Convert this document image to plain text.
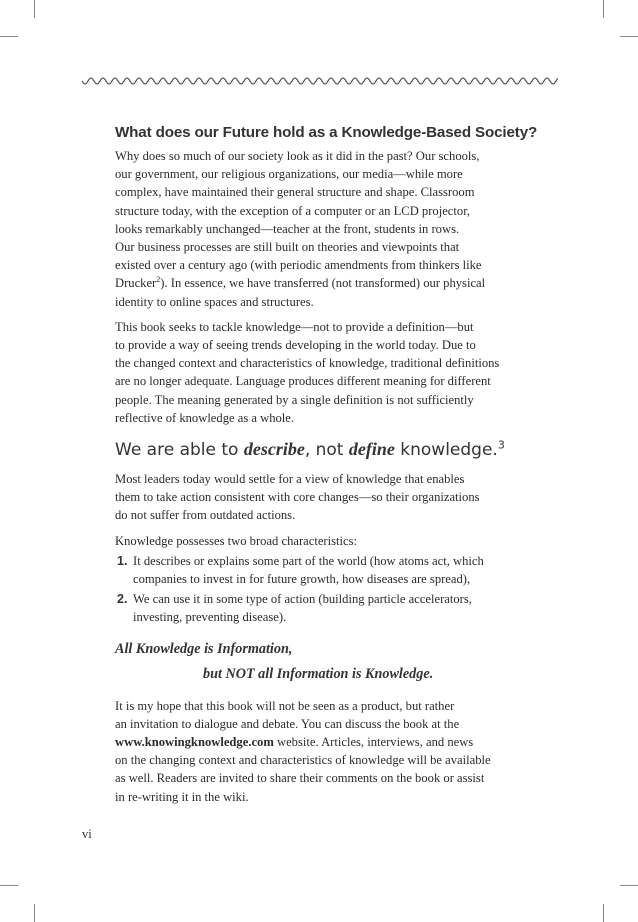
What does our Future hold as a Knowledge-Based Society?

Why does so much of our society look as it did in the past? Our schools,
our government, our religious organizations, our media—while more
complex, have maintained their general structure and shape. Classroom
structure today, with the exception of a computer or an LCD projector,
looks remarkably unchanged—teacher at the front, students in rows.
Our business processes are still built on theories and viewpoints that
existed over a century ago (with periodic amendments from thinkers like
Drucker$^2$). In essence, we have transferred (not transformed) our physical
identity to online spaces and structures.

This book seeks to tackle knowledge—not to provide a definition—but
to provide a way of seeing trends developing in the world today. Due to
the changed context and characteristics of knowledge, traditional definitions
are no longer adequate. Language produces different meaning for different
people. The meaning generated by a single definition is not sufficiently
reflective of knowledge as a whole.

We are able to describe, not define knowledge.$^3$

Most leaders today would settle for a view of knowledge that enables
them to take action consistent with core changes—so their organizations
do not suffer from outdated actions.

Knowledge possesses two broad characteristics:

1. It describes or explains some part of the world (how atoms act, which
companies to invest in for future growth, how diseases are spread),
2. We can use it in some type of action (building particle accelerators,
investing, preventing disease).
All Knowledge is Information,
but NOT all Information is Knowledge.

It is my hope that this book will not be seen as a product, but rather
an invitation to dialogue and debate. You can discuss the book at the
www.knowingknowledge.com website. Articles, interviews, and news
on the changing context and characteristics of knowledge will be available
as well. Readers are invited to share their comments on the book or assist
in re-writing it in the wiki.

vi
